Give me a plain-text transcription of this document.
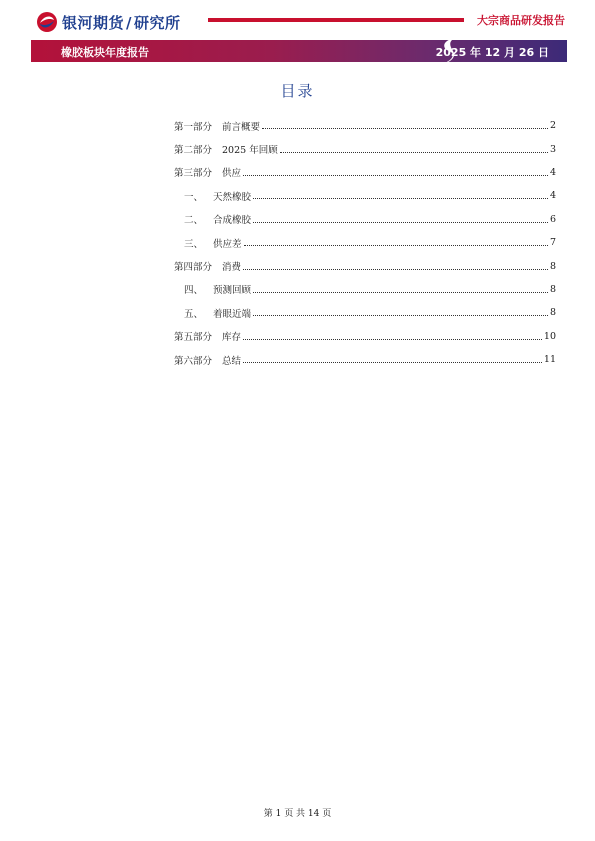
银河期货 / 研究所	大宗商品研发报告
橡胶板块年度报告	2025 年 12 月 26 日
目录
第一部分 前言概要	2
第二部分 2025 年回顾	3
第三部分 供应	4
一、 天然橡胶	4
二、 合成橡胶	6
三、 供应差	7
第四部分 消费	8
四、 预测回顾	8
五、 着眼近端	8
第五部分 库存	10
第六部分 总结	11
第 1 页 共 14 页
